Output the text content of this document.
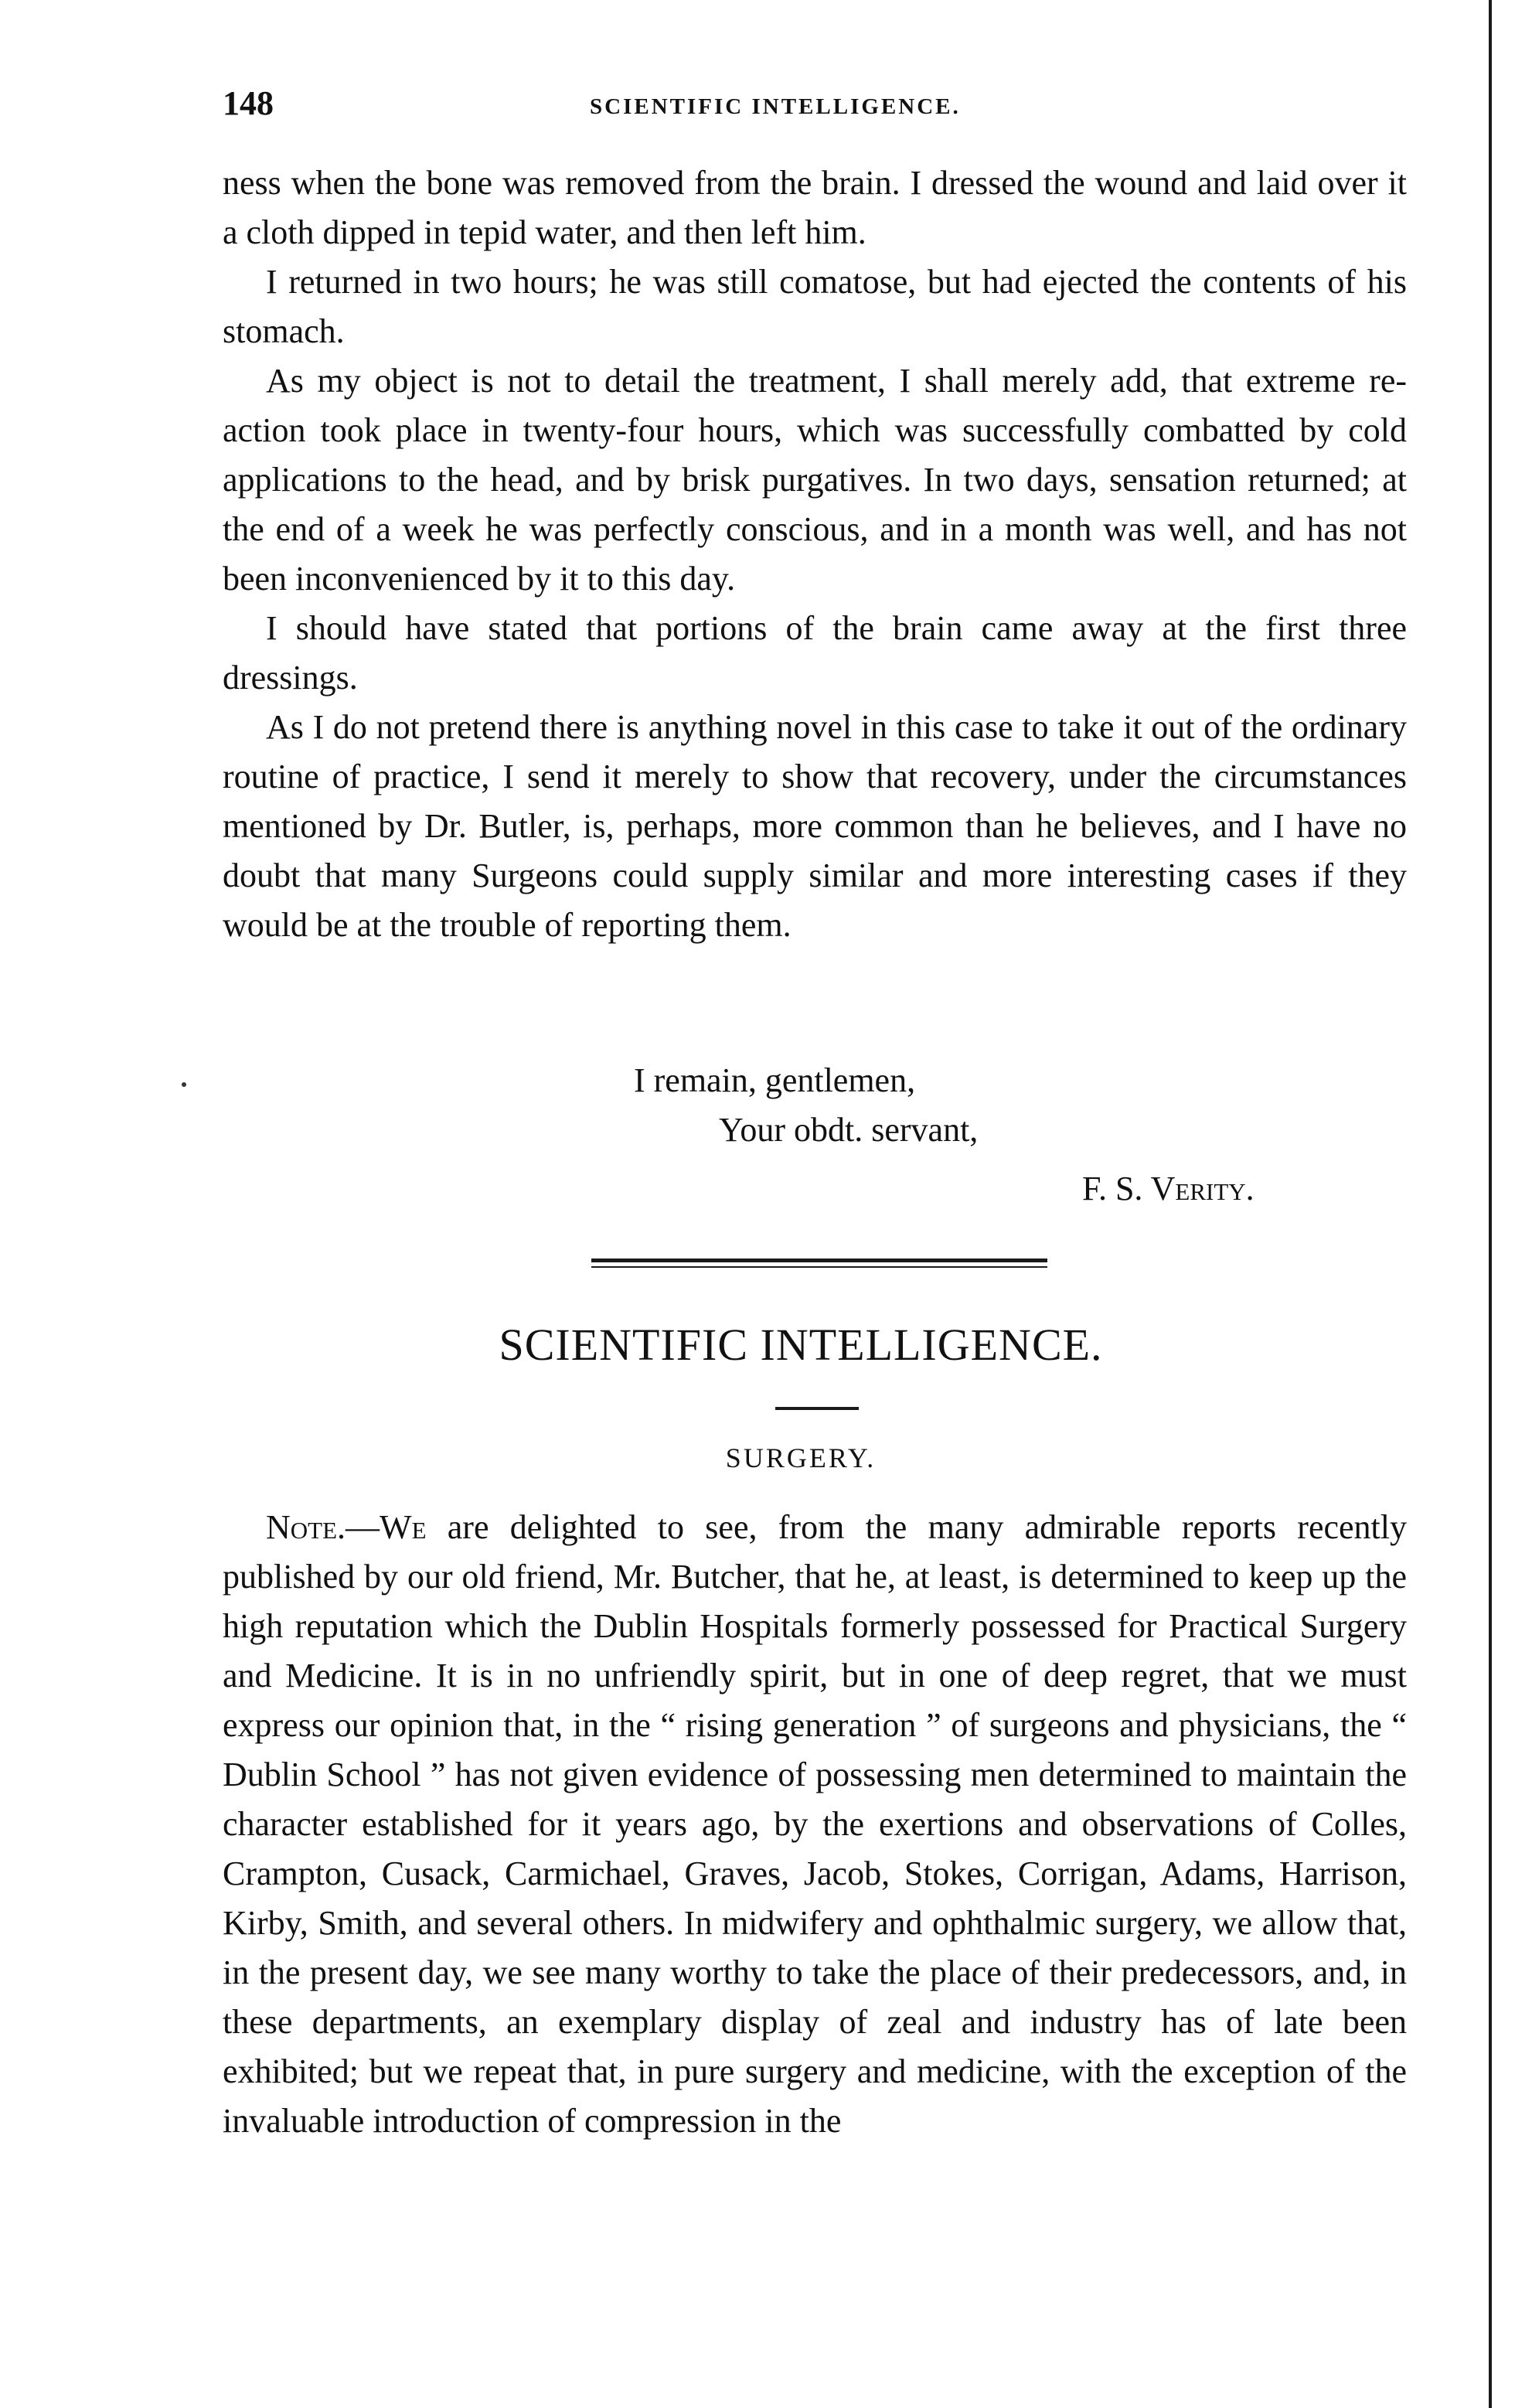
148	SCIENTIFIC INTELLIGENCE.

ness when the bone was removed from the brain. I dressed the wound and laid over it a cloth dipped in tepid water, and then left him.

I returned in two hours; he was still comatose, but had ejected the contents of his stomach.

As my object is not to detail the treatment, I shall merely add, that extreme re-action took place in twenty-four hours, which was successfully combatted by cold applications to the head, and by brisk purgatives. In two days, sensation returned; at the end of a week he was perfectly conscious, and in a month was well, and has not been inconvenienced by it to this day.

I should have stated that portions of the brain came away at the first three dressings.

As I do not pretend there is anything novel in this case to take it out of the ordinary routine of practice, I send it merely to show that recovery, under the circumstances mentioned by Dr. Butler, is, perhaps, more common than he believes, and I have no doubt that many Surgeons could supply similar and more interesting cases if they would be at the trouble of reporting them.

I remain, gentlemen,
Your obdt. servant,
F. S. Verity.
SCIENTIFIC INTELLIGENCE.
SURGERY.

Note.—We are delighted to see, from the many admirable reports recently published by our old friend, Mr. Butcher, that he, at least, is determined to keep up the high reputation which the Dublin Hospitals formerly possessed for Practical Surgery and Medicine. It is in no unfriendly spirit, but in one of deep regret, that we must express our opinion that, in the “ rising generation ” of surgeons and physicians, the “ Dublin School ” has not given evidence of possessing men determined to maintain the character established for it years ago, by the exertions and observations of Colles, Crampton, Cusack, Carmichael, Graves, Jacob, Stokes, Corrigan, Adams, Harrison, Kirby, Smith, and several others. In midwifery and ophthalmic surgery, we allow that, in the present day, we see many worthy to take the place of their predecessors, and, in these departments, an exemplary display of zeal and industry has of late been exhibited; but we repeat that, in pure surgery and medicine, with the exception of the invaluable introduction of compression in the
